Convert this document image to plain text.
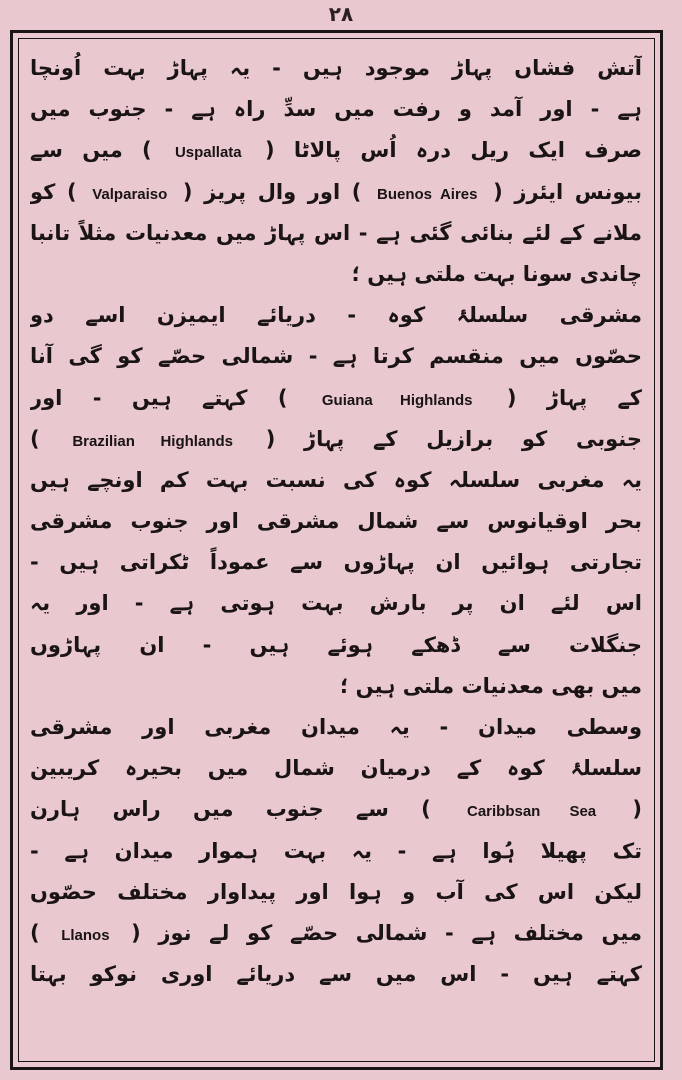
۲۸
آتش فشاں پہاڑ موجود ہیں - یہ پہاڑ بہت اُونچا
ہے - اور آمد و رفت میں سدِّ راہ ہے - جنوب میں
صرف ایک ریل درہ اُس پالاٹا ( Uspallata ) میں سے
بیونس ایئرز ( Buenos Aires ) اور وال پریز ( Valparaiso ) کو
ملانے کے لئے بنائی گئی ہے - اس پہاڑ میں معدنیات مثلاً تانبا
چاندی سونا بہت ملتی ہیں ؛
مشرقی سلسلۂ کوہ - دریائے ایمیزن اسے دو
حصّوں میں منقسم کرتا ہے - شمالی حصّے کو گی آنا
کے پہاڑ ( Guiana Highlands ) کہتے ہیں - اور
جنوبی کو برازیل کے پہاڑ ( Brazilian Highlands )
یہ مغربی سلسلہ کوہ کی نسبت بہت کم اونچے ہیں
بحر اوقیانوس سے شمال مشرقی اور جنوب مشرقی
تجارتی ہوائیں ان پہاڑوں سے عموداً ٹکراتی ہیں -
اس لئے ان پر بارش بہت ہوتی ہے - اور یہ
جنگلات سے ڈھکے ہوئے ہیں - ان پہاڑوں
میں بھی معدنیات ملتی ہیں ؛
وسطی میدان - یہ میدان مغربی اور مشرقی
سلسلۂ کوہ کے درمیان شمال میں بحیرہ کریبین
( Caribbsan Sea ) سے جنوب میں راس ہارن
تک پھیلا ہُوا ہے - یہ بہت ہموار میدان ہے -
لیکن اس کی آب و ہوا اور پیداوار مختلف حصّوں
میں مختلف ہے - شمالی حصّے کو لے نوز ( Llanos )
کہتے ہیں - اس میں سے دریائے اوری نوکو بہتا
